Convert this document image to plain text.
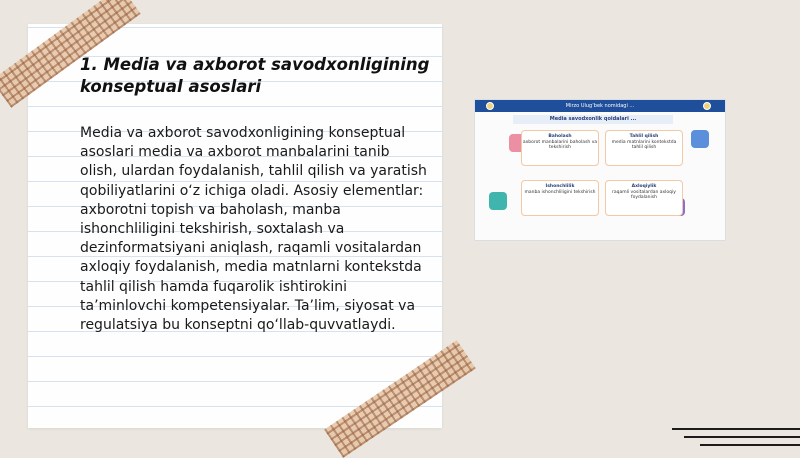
1. Media va axborot savodxonligining konseptual asoslari

Media va axborot savodxonligining konseptual asoslari media va axborot manbalarini tanib olish, ulardan foydalanish, tahlil qilish va yaratish qobiliyatlarini o‘z ichiga oladi. Asosiy elementlar: axborotni topish va baholash, manba ishonchliligini tekshirish, soxtalash va dezinformatsiyani aniqlash, raqamli vositalardan axloqiy foydalanish, media matnlarni kontekstda tahlil qilish hamda fuqarolik ishtirokini ta’minlovchi kompetensiyalar. Ta’lim, siyosat va regulatsiya bu konseptni qo‘llab-quvvatlaydi.

Mirzo Ulug‘bek nomidagi ...
Media savodxonlik qoidalari ...
Baholash
axborot manbalarini baholash va tekshirish
Tahlil qilish
media matnlarini kontekstda tahlil qilish
Ishonchlilik
manba ishonchliligini tekshirish
Axloqiylik
raqamli vositalardan axloqiy foydalanish
